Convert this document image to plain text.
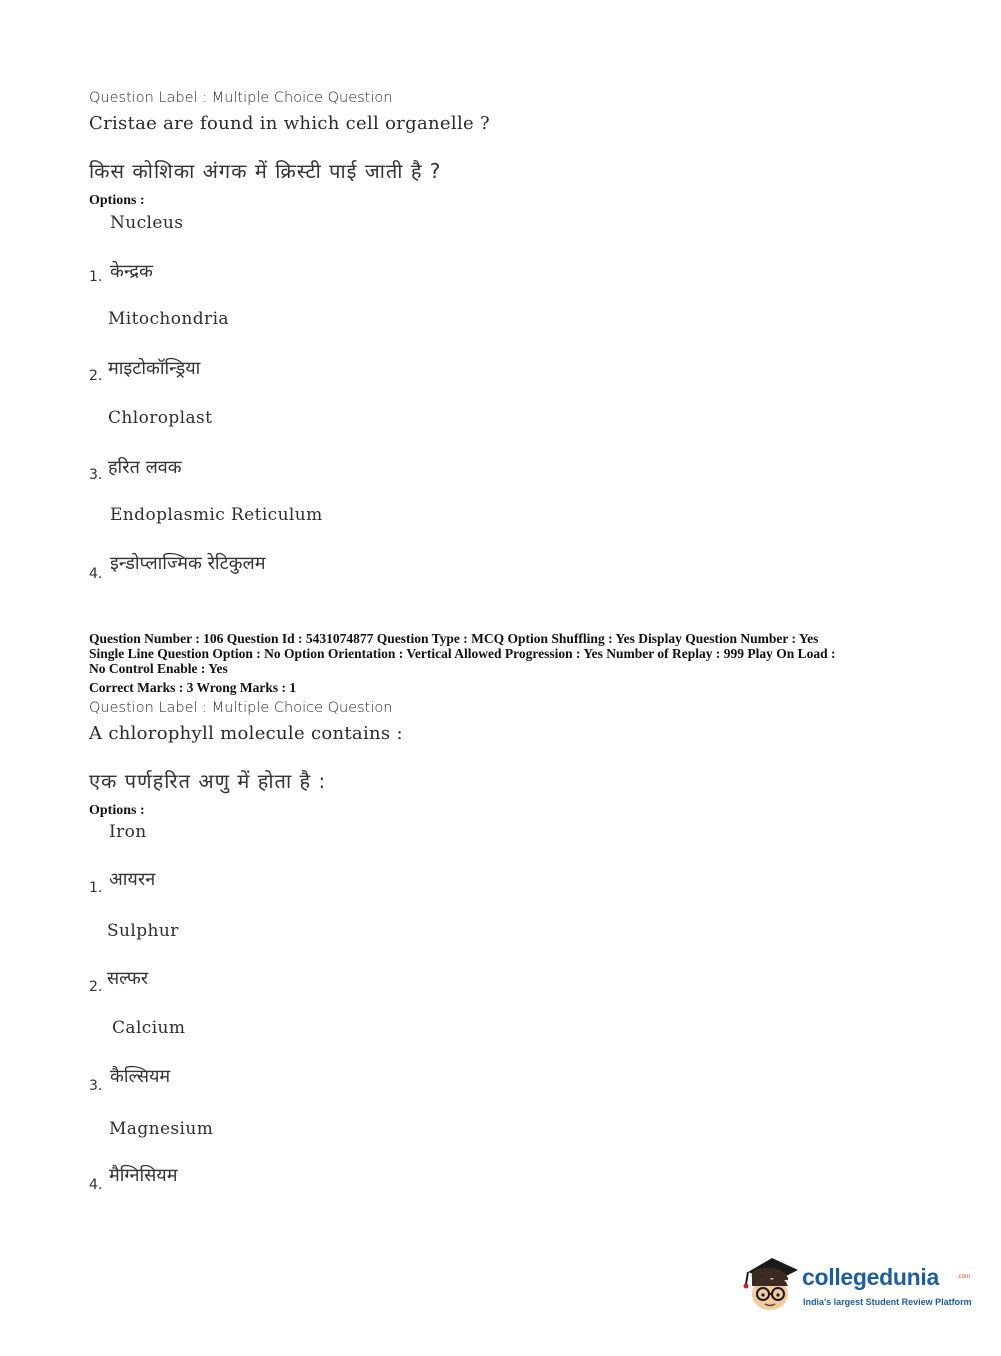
Question Label : Multiple Choice Question
Cristae are found in which cell organelle ?
किस कोशिका अंगक में क्रिस्टी पाई जाती है ?
Options :
Nucleus
1. केन्द्रक
Mitochondria
2. माइटोकॉन्ड्रिया
Chloroplast
3. हरित लवक
Endoplasmic Reticulum
4. इन्डोप्लाज्मिक रेटिकुलम
Question Number : 106 Question Id : 5431074877 Question Type : MCQ Option Shuffling : Yes Display Question Number : Yes
Single Line Question Option : No Option Orientation : Vertical Allowed Progression : Yes Number of Replay : 999 Play On Load :
No Control Enable : Yes
Correct Marks : 3 Wrong Marks : 1
Question Label : Multiple Choice Question
A chlorophyll molecule contains :
एक पर्णहरित अणु में होता है :
Options :
Iron
1. आयरन
Sulphur
2. सल्फर
Calcium
3. कैल्सियम
Magnesium
4. मैग्निसियम
collegedunia	.com
India's largest Student Review Platform
